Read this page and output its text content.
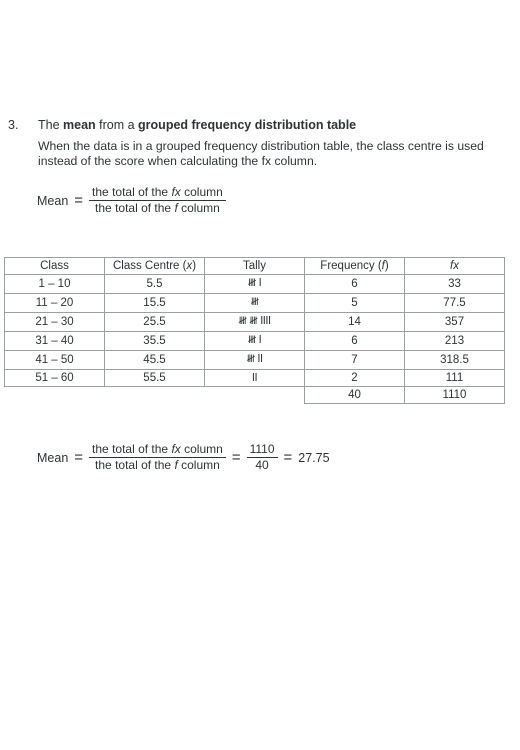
3. The mean from a grouped frequency distribution table
When the data is in a grouped frequency distribution table, the class centre is used instead of the score when calculating the fx column.
Mean = $\frac{\text{the total of the fx column}}{\text{the total of the f column}}$
Class	Class Centre (x)	Tally	Frequency (f)	fx
1 – 10	5.5	𝍸 I	6	33
11 – 20	15.5	𝍸	5	77.5
21 – 30	25.5	𝍸 𝍸 IIII	14	357
31 – 40	35.5	𝍸 I	6	213
41 – 50	45.5	𝍸 II	7	318.5
51 – 60	55.5	II	2	111
			40	1110
Mean = $\frac{\text{the total of the fx column}}{\text{the total of the f column}} = \frac{1110}{40} = 27.75$
